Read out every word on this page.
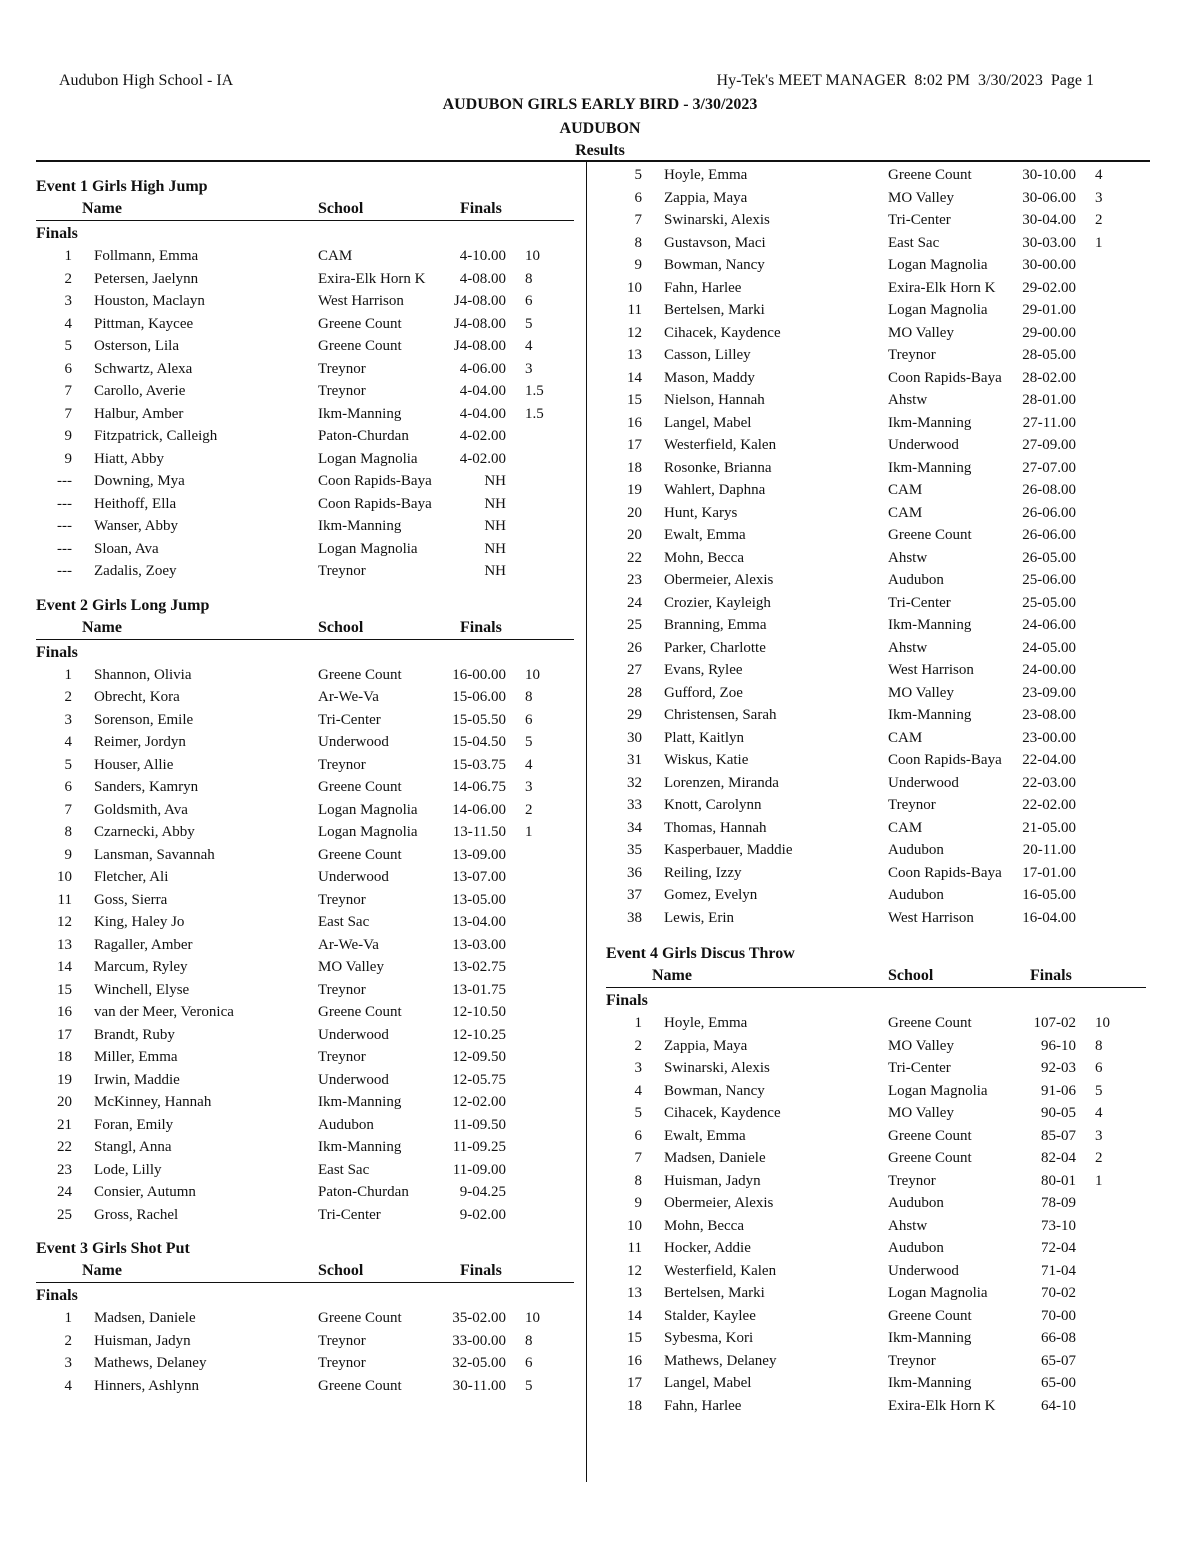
Audubon High School - IA	Hy-Tek's MEET MANAGER  8:02 PM  3/30/2023  Page 1
AUDUBON GIRLS EARLY BIRD - 3/30/2023
AUDUBON
Results
Event 1 Girls High Jump
Name	School	Finals
Finals
1 Follmann, Emma	CAM	4-10.00 10
2 Petersen, Jaelynn	Exira-Elk Horn K	4-08.00 8
3 Houston, Maclayn	West Harrison	J4-08.00 6
4 Pittman, Kaycee	Greene Count	J4-08.00 5
5 Osterson, Lila	Greene Count	J4-08.00 4
6 Schwartz, Alexa	Treynor	4-06.00 3
7 Carollo, Averie	Treynor	4-04.00 1.5
7 Halbur, Amber	Ikm-Manning	4-04.00 1.5
9 Fitzpatrick, Calleigh	Paton-Churdan	4-02.00
9 Hiatt, Abby	Logan Magnolia	4-02.00
--- Downing, Mya	Coon Rapids-Baya	NH
--- Heithoff, Ella	Coon Rapids-Baya	NH
--- Wanser, Abby	Ikm-Manning	NH
--- Sloan, Ava	Logan Magnolia	NH
--- Zadalis, Zoey	Treynor	NH
Event 2 Girls Long Jump
Name	School	Finals
Finals
1 Shannon, Olivia	Greene Count	16-00.00 10
2 Obrecht, Kora	Ar-We-Va	15-06.00 8
3 Sorenson, Emile	Tri-Center	15-05.50 6
4 Reimer, Jordyn	Underwood	15-04.50 5
5 Houser, Allie	Treynor	15-03.75 4
6 Sanders, Kamryn	Greene Count	14-06.75 3
7 Goldsmith, Ava	Logan Magnolia	14-06.00 2
8 Czarnecki, Abby	Logan Magnolia	13-11.50 1
9 Lansman, Savannah	Greene Count	13-09.00
10 Fletcher, Ali	Underwood	13-07.00
11 Goss, Sierra	Treynor	13-05.00
12 King, Haley Jo	East Sac	13-04.00
13 Ragaller, Amber	Ar-We-Va	13-03.00
14 Marcum, Ryley	MO Valley	13-02.75
15 Winchell, Elyse	Treynor	13-01.75
16 van der Meer, Veronica	Greene Count	12-10.50
17 Brandt, Ruby	Underwood	12-10.25
18 Miller, Emma	Treynor	12-09.50
19 Irwin, Maddie	Underwood	12-05.75
20 McKinney, Hannah	Ikm-Manning	12-02.00
21 Foran, Emily	Audubon	11-09.50
22 Stangl, Anna	Ikm-Manning	11-09.25
23 Lode, Lilly	East Sac	11-09.00
24 Consier, Autumn	Paton-Churdan	9-04.25
25 Gross, Rachel	Tri-Center	9-02.00
Event 3 Girls Shot Put
Name	School	Finals
Finals
1 Madsen, Daniele	Greene Count	35-02.00 10
2 Huisman, Jadyn	Treynor	33-00.00 8
3 Mathews, Delaney	Treynor	32-05.00 6
4 Hinners, Ashlynn	Greene Count	30-11.00 5
5 Hoyle, Emma	Greene Count	30-10.00 4
6 Zappia, Maya	MO Valley	30-06.00 3
7 Swinarski, Alexis	Tri-Center	30-04.00 2
8 Gustavson, Maci	East Sac	30-03.00 1
9 Bowman, Nancy	Logan Magnolia	30-00.00
10 Fahn, Harlee	Exira-Elk Horn K	29-02.00
11 Bertelsen, Marki	Logan Magnolia	29-01.00
12 Cihacek, Kaydence	MO Valley	29-00.00
13 Casson, Lilley	Treynor	28-05.00
14 Mason, Maddy	Coon Rapids-Baya	28-02.00
15 Nielson, Hannah	Ahstw	28-01.00
16 Langel, Mabel	Ikm-Manning	27-11.00
17 Westerfield, Kalen	Underwood	27-09.00
18 Rosonke, Brianna	Ikm-Manning	27-07.00
19 Wahlert, Daphna	CAM	26-08.00
20 Hunt, Karys	CAM	26-06.00
20 Ewalt, Emma	Greene Count	26-06.00
22 Mohn, Becca	Ahstw	26-05.00
23 Obermeier, Alexis	Audubon	25-06.00
24 Crozier, Kayleigh	Tri-Center	25-05.00
25 Branning, Emma	Ikm-Manning	24-06.00
26 Parker, Charlotte	Ahstw	24-05.00
27 Evans, Rylee	West Harrison	24-00.00
28 Gufford, Zoe	MO Valley	23-09.00
29 Christensen, Sarah	Ikm-Manning	23-08.00
30 Platt, Kaitlyn	CAM	23-00.00
31 Wiskus, Katie	Coon Rapids-Baya	22-04.00
32 Lorenzen, Miranda	Underwood	22-03.00
33 Knott, Carolynn	Treynor	22-02.00
34 Thomas, Hannah	CAM	21-05.00
35 Kasperbauer, Maddie	Audubon	20-11.00
36 Reiling, Izzy	Coon Rapids-Baya	17-01.00
37 Gomez, Evelyn	Audubon	16-05.00
38 Lewis, Erin	West Harrison	16-04.00
Event 4 Girls Discus Throw
Name	School	Finals
Finals
1 Hoyle, Emma	Greene Count	107-02 10
2 Zappia, Maya	MO Valley	96-10 8
3 Swinarski, Alexis	Tri-Center	92-03 6
4 Bowman, Nancy	Logan Magnolia	91-06 5
5 Cihacek, Kaydence	MO Valley	90-05 4
6 Ewalt, Emma	Greene Count	85-07 3
7 Madsen, Daniele	Greene Count	82-04 2
8 Huisman, Jadyn	Treynor	80-01 1
9 Obermeier, Alexis	Audubon	78-09
10 Mohn, Becca	Ahstw	73-10
11 Hocker, Addie	Audubon	72-04
12 Westerfield, Kalen	Underwood	71-04
13 Bertelsen, Marki	Logan Magnolia	70-02
14 Stalder, Kaylee	Greene Count	70-00
15 Sybesma, Kori	Ikm-Manning	66-08
16 Mathews, Delaney	Treynor	65-07
17 Langel, Mabel	Ikm-Manning	65-00
18 Fahn, Harlee	Exira-Elk Horn K	64-10
